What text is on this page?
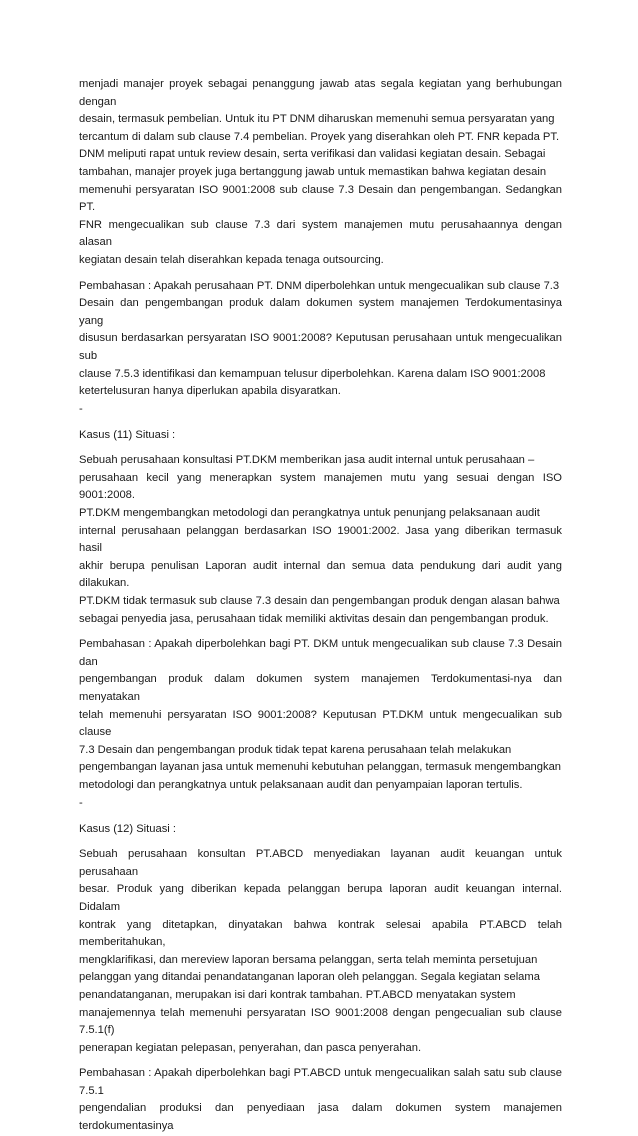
menjadi manajer proyek sebagai penanggung jawab atas segala kegiatan yang berhubungan dengan
desain, termasuk pembelian. Untuk itu PT DNM diharuskan memenuhi semua persyaratan yang
tercantum di dalam sub clause 7.4 pembelian. Proyek yang diserahkan oleh PT. FNR kepada PT.
DNM meliputi rapat untuk review desain, serta verifikasi dan validasi kegiatan desain. Sebagai
tambahan, manajer proyek juga bertanggung jawab untuk memastikan bahwa kegiatan desain
memenuhi persyaratan ISO 9001:2008 sub clause 7.3 Desain dan pengembangan. Sedangkan PT.
FNR mengecualikan sub clause 7.3 dari system manajemen mutu perusahaannya dengan alasan
kegiatan desain telah diserahkan kepada tenaga outsourcing.

Pembahasan : Apakah perusahaan PT. DNM diperbolehkan untuk mengecualikan sub clause 7.3
Desain dan pengembangan produk dalam dokumen system manajemen Terdokumentasinya yang
disusun berdasarkan persyaratan ISO 9001:2008? Keputusan perusahaan untuk mengecualikan sub
clause 7.5.3 identifikasi dan kemampuan telusur diperbolehkan. Karena dalam ISO 9001:2008
ketertelusuran hanya diperlukan apabila disyaratkan.

-

Kasus (11) Situasi :

Sebuah perusahaan konsultasi PT.DKM memberikan jasa audit internal untuk perusahaan –
perusahaan kecil yang menerapkan system manajemen mutu yang sesuai dengan ISO 9001:2008.
PT.DKM mengembangkan metodologi dan perangkatnya untuk penunjang pelaksanaan audit
internal perusahaan pelanggan berdasarkan ISO 19001:2002. Jasa yang diberikan termasuk hasil
akhir berupa penulisan Laporan audit internal dan semua data pendukung dari audit yang dilakukan.
PT.DKM tidak termasuk sub clause 7.3 desain dan pengembangan produk dengan alasan bahwa
sebagai penyedia jasa, perusahaan tidak memiliki aktivitas desain dan pengembangan produk.

Pembahasan : Apakah diperbolehkan bagi PT. DKM untuk mengecualikan sub clause 7.3 Desain dan
pengembangan produk dalam dokumen system manajemen Terdokumentasi-nya dan menyatakan
telah memenuhi persyaratan ISO 9001:2008? Keputusan PT.DKM untuk mengecualikan sub clause
7.3 Desain dan pengembangan produk tidak tepat karena perusahaan telah melakukan
pengembangan layanan jasa untuk memenuhi kebutuhan pelanggan, termasuk mengembangkan
metodologi dan perangkatnya untuk pelaksanaan audit dan penyampaian laporan tertulis.

-

Kasus (12) Situasi :

Sebuah perusahaan konsultan PT.ABCD menyediakan layanan audit keuangan untuk perusahaan
besar. Produk yang diberikan kepada pelanggan berupa laporan audit keuangan internal. Didalam
kontrak yang ditetapkan, dinyatakan bahwa kontrak selesai apabila PT.ABCD telah memberitahukan,
mengklarifikasi, dan mereview laporan bersama pelanggan, serta telah meminta persetujuan
pelanggan yang ditandai penandatanganan laporan oleh pelanggan. Segala kegiatan selama
penandatanganan, merupakan isi dari kontrak tambahan. PT.ABCD menyatakan system
manajemennya telah memenuhi persyaratan ISO 9001:2008 dengan pengecualian sub clause 7.5.1(f)
penerapan kegiatan pelepasan, penyerahan, dan pasca penyerahan.

Pembahasan : Apakah diperbolehkan bagi PT.ABCD untuk mengecualikan salah satu sub clause 7.5.1
pengendalian produksi dan penyediaan jasa dalam dokumen system manajemen terdokumentasinya
